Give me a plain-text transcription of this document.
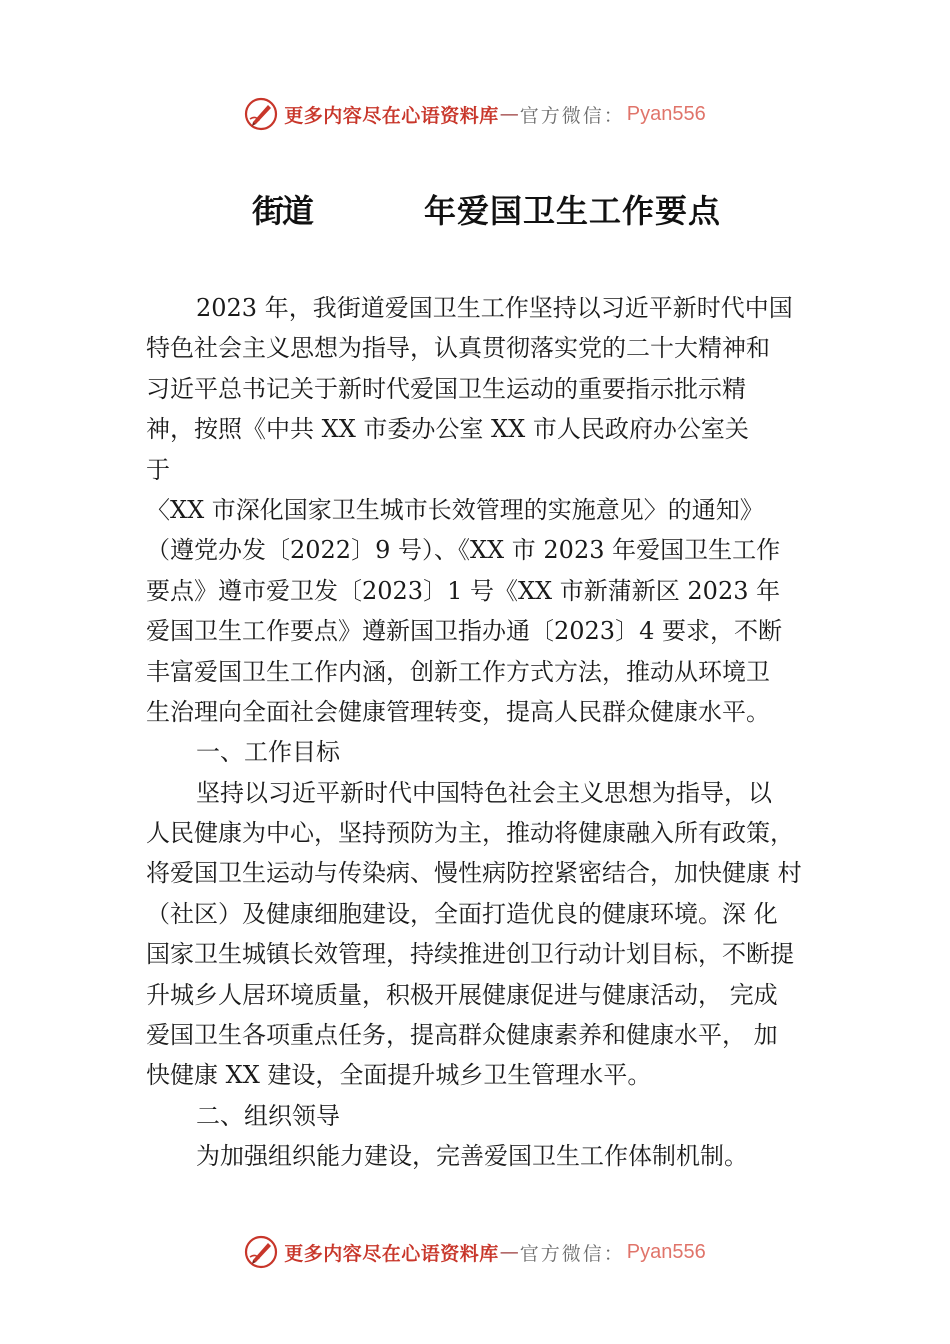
更多内容尽在心语资料库 — 官方微信： Pyan556
街道	年爱国卫生工作要点
2023 年，我街道爱国卫生工作坚持以习近平新时代中国
特色社会主义思想为指导，认真贯彻落实党的二十大精神和
习近平总书记关于新时代爱国卫生运动的重要指示批示精
神，按照《中共 XX 市委办公室 XX 市人民政府办公室关
于
〈XX 市深化国家卫生城市长效管理的实施意见〉的通知》
（遵党办发〔2022〕9 号）、《XX 市 2023 年爱国卫生工作
要点》遵市爱卫发〔2023〕1 号《XX 市新蒲新区 2023 年
爱国卫生工作要点》遵新国卫指办通〔2023〕4 要求，不断
丰富爱国卫生工作内涵，创新工作方式方法，推动从环境卫
生治理向全面社会健康管理转变，提高人民群众健康水平。
一、工作目标
坚持以习近平新时代中国特色社会主义思想为指导，以
人民健康为中心，坚持预防为主，推动将健康融入所有政策，
将爱国卫生运动与传染病、慢性病防控紧密结合，加快健康 村
（社区）及健康细胞建设，全面打造优良的健康环境。深 化
国家卫生城镇长效管理，持续推进创卫行动计划目标，不断提
升城乡人居环境质量，积极开展健康促进与健康活动， 完成
爱国卫生各项重点任务，提高群众健康素养和健康水平， 加
快健康 XX 建设，全面提升城乡卫生管理水平。
二、组织领导
为加强组织能力建设，完善爱国卫生工作体制机制。
更多内容尽在心语资料库 — 官方微信： Pyan556
